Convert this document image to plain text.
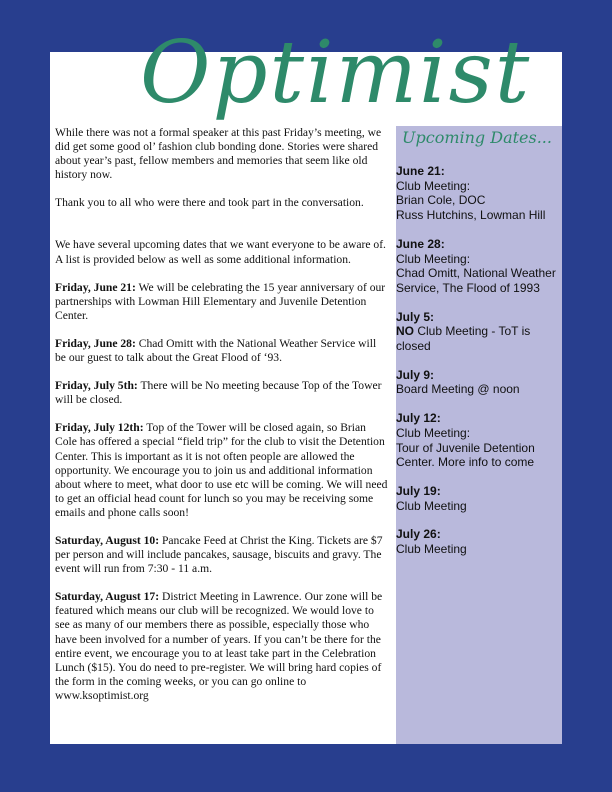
Optimist

While there was not a formal speaker at this past Friday’s meeting, we did get some good ol’ fashion club bonding done. Stories were shared about year’s past, fellow members and memories that seem like old history now.

Thank you to all who were there and took part in the conversation.

We have several upcoming dates that we want everyone to be aware of. A list is provided below as well as some additional information.

Friday, June 21: We will be celebrating the 15 year anniversary of our partnerships with Lowman Hill Elementary and Juvenile Detention Center.

Friday, June 28: Chad Omitt with the National Weather Service will be our guest to talk about the Great Flood of ‘93.

Friday, July 5th: There will be No meeting because Top of the Tower will be closed.

Friday, July 12th: Top of the Tower will be closed again, so Brian Cole has offered a special “field trip” for the club to visit the Detention Center. This is important as it is not often people are allowed the opportunity. We encourage you to join us and additional information about where to meet, what door to use etc will be coming. We will need to get an official head count for lunch so you may be receiving some emails and phone calls soon!

Saturday, August 10: Pancake Feed at Christ the King. Tickets are $7 per person and will include pancakes, sausage, biscuits and gravy. The event will run from 7:30 - 11 a.m.

Saturday, August 17: District Meeting in Lawrence. Our zone will be featured which means our club will be recognized. We would love to see as many of our members there as possible, especially those who have been involved for a number of years. If you can’t be there for the entire event, we encourage you to at least take part in the Celebration Lunch ($15). You do need to pre-register. We will bring hard copies of the form in the coming weeks, or you can go online to www.ksoptimist.org

Upcoming Dates...
June 21:
Club Meeting:
Brian Cole, DOC
Russ Hutchins, Lowman Hill
June 28:
Club Meeting:
Chad Omitt, National Weather Service, The Flood of 1993
July 5:
NO Club Meeting - ToT is closed
July 9:
Board Meeting @ noon
July 12:
Club Meeting:
Tour of Juvenile Detention Center. More info to come
July 19:
Club Meeting
July 26:
Club Meeting
